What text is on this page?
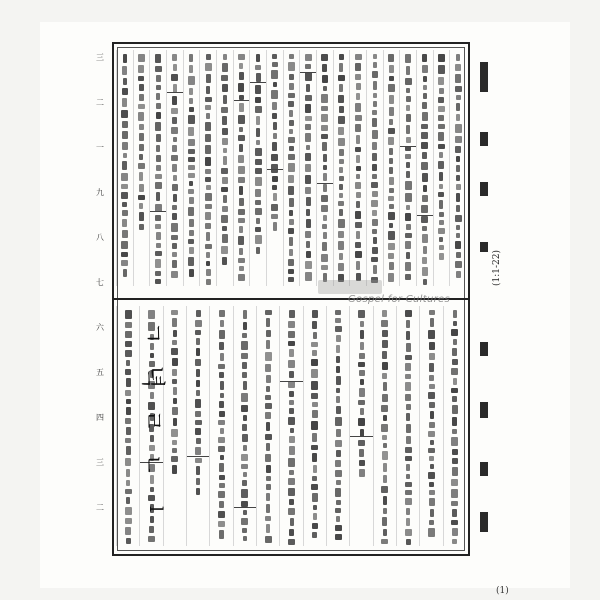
ㄱ
녁
ㄹ
ㄴ
l
三
二
一
九
八
七
六
五
四
三
二
(1:1-22)
(1)
Gospel for Cultures
